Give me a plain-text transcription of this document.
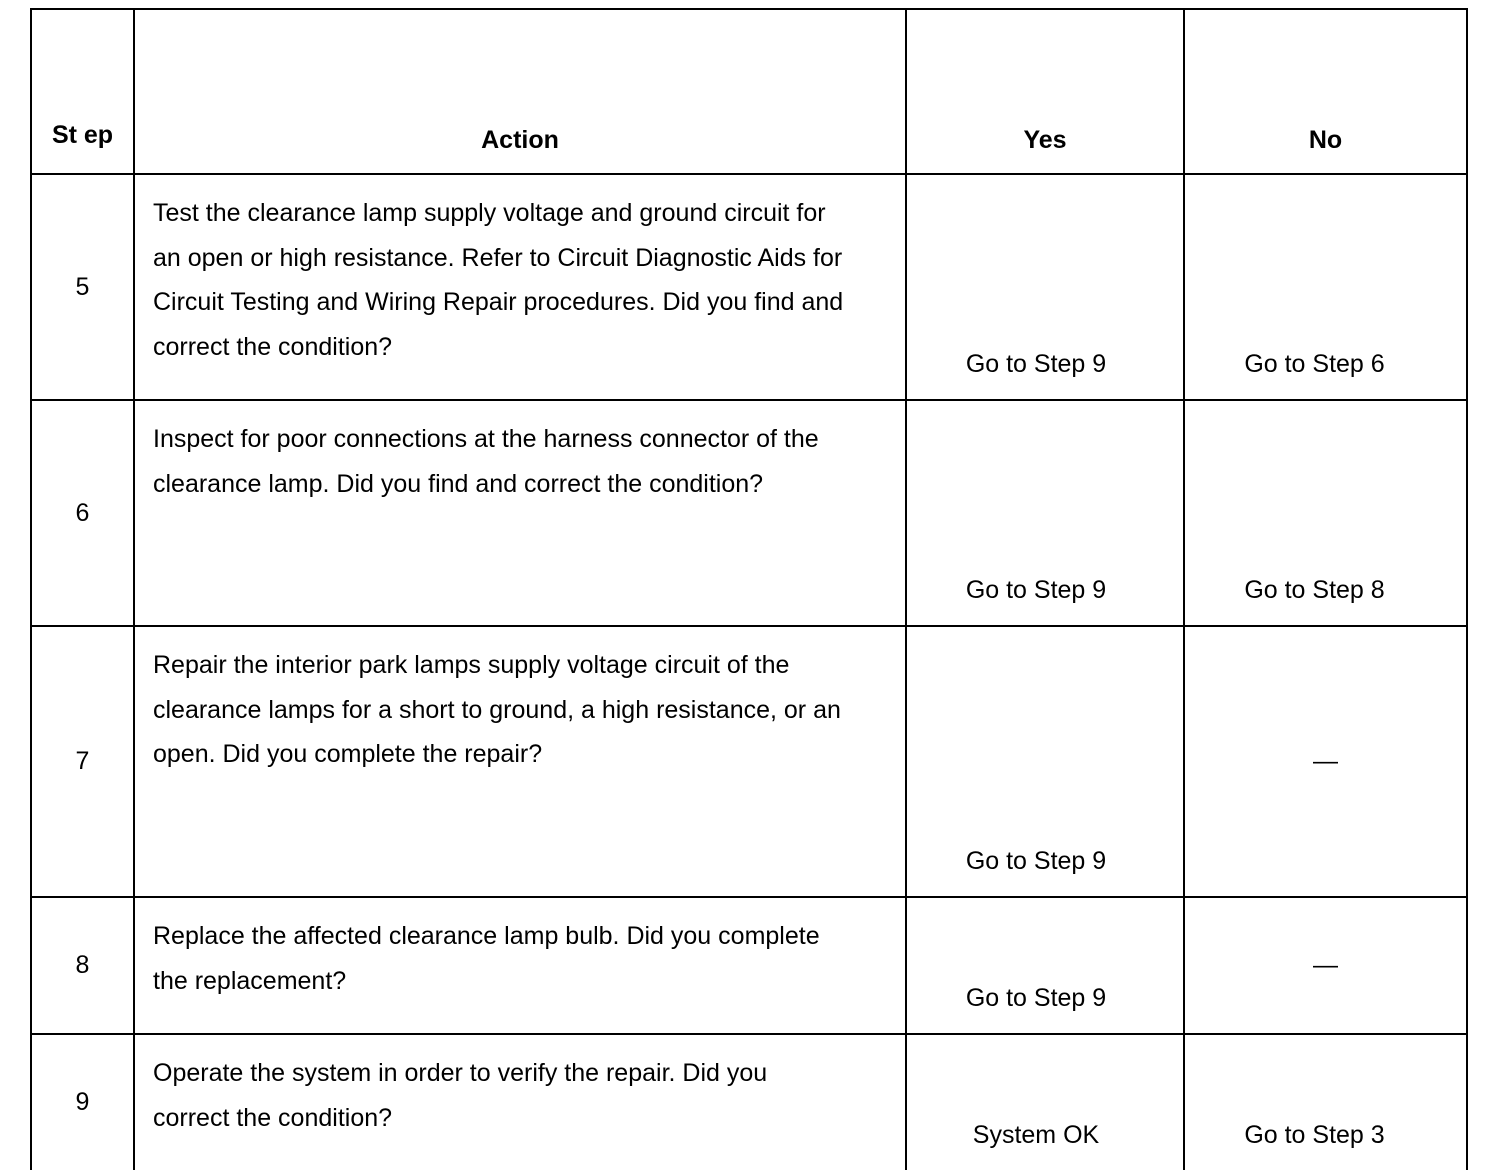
St ep	Action	Yes	No
5	Test the clearance lamp supply voltage and ground circuit for an open or high resistance. Refer to Circuit Diagnostic Aids for Circuit Testing and Wiring Repair procedures. Did you find and correct the condition?	Go to Step 9	Go to Step 6
6	Inspect for poor connections at the harness connector of the clearance lamp. Did you find and correct the condition?	Go to Step 9	Go to Step 8
7	Repair the interior park lamps supply voltage circuit of the clearance lamps for a short to ground, a high resistance, or an open. Did you complete the repair?	Go to Step 9	—
8	Replace the affected clearance lamp bulb. Did you complete the replacement?	Go to Step 9	—
9	Operate the system in order to verify the repair. Did you correct the condition?	System OK	Go to Step 3
